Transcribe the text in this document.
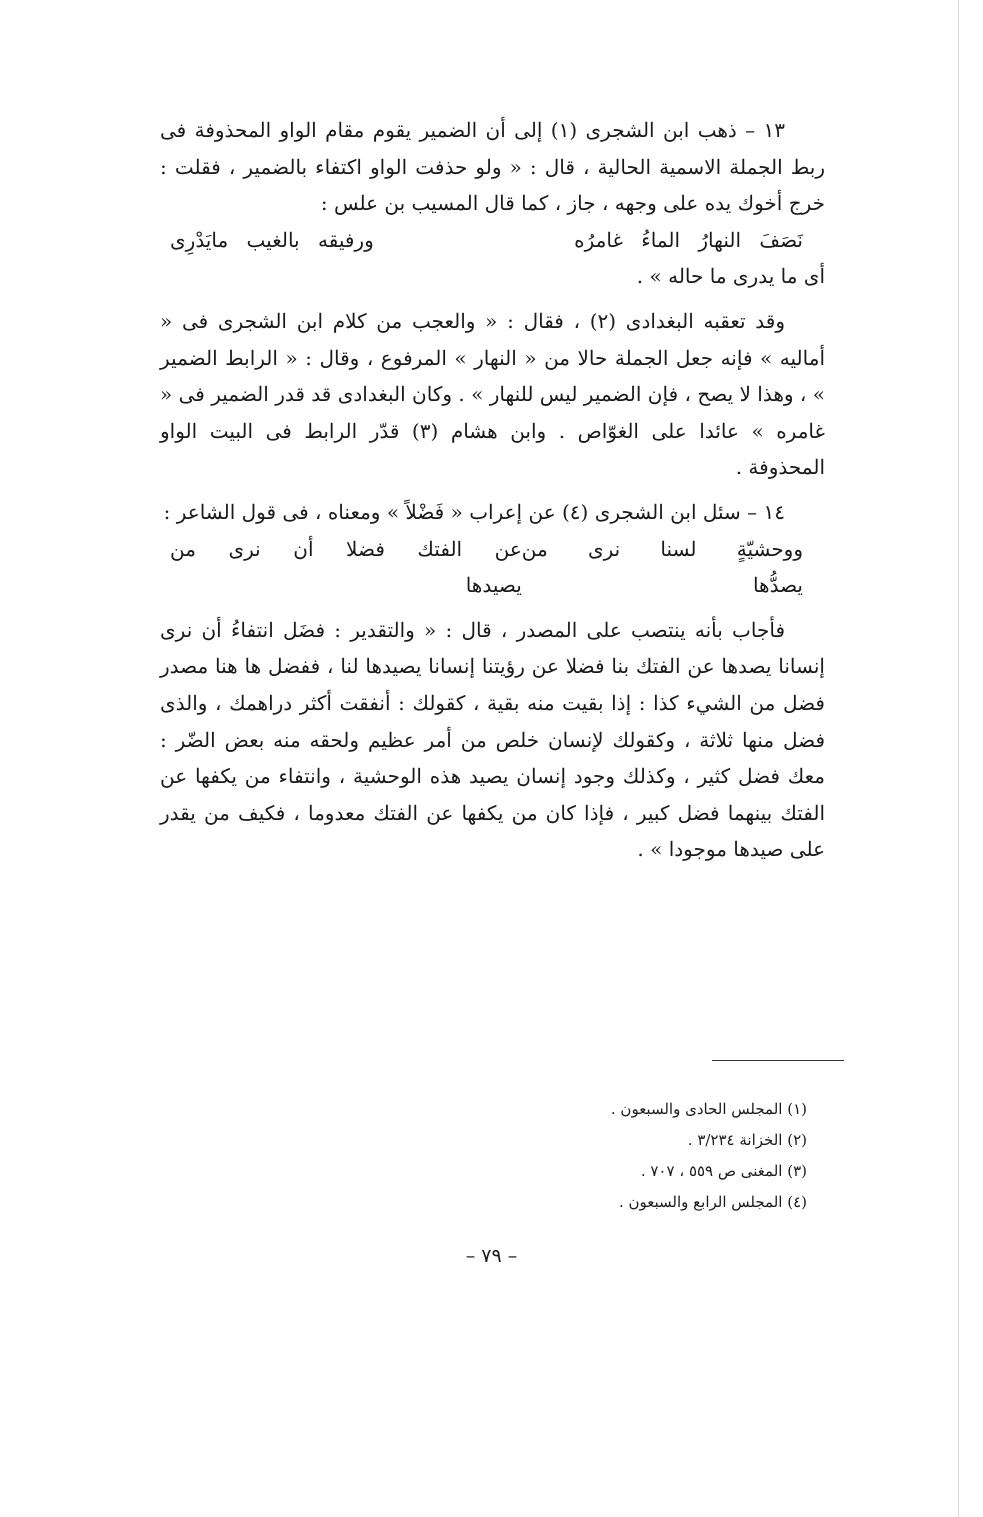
١٣ – ذهب ابن الشجرى (١) إلى أن الضمير يقوم مقام الواو المحذوفة فى ربط الجملة الاسمية الحالية ، قال : « ولو حذفت الواو اكتفاء بالضمير ، فقلت : خرج أخوك يده على وجهه ، جاز ، كما قال المسيب بن علس :

نَصَفَ النهارُ الماءُ غامرُه
ورفيقه بالغيب مايَدْرِى

أى ما يدرى ما حاله » .

وقد تعقبه البغدادى (٢) ، فقال : « والعجب من كلام ابن الشجرى فى « أماليه » فإنه جعل الجملة حالا من « النهار » المرفوع ، وقال : « الرابط الضمير » ، وهذا لا يصح ، فإن الضمير ليس للنهار » . وكان البغدادى قد قدر الضمير فى « غامره » عائدا على الغوّاص . وابن هشام (٣) قدّر الرابط فى البيت الواو المحذوفة .

١٤ – سئل ابن الشجرى (٤) عن إعراب « فَضْلاً » ومعناه ، فى قول الشاعر :

ووحشيّةٍ لسنا نرى من يصدُّها
عن الفتك فضلا أن نرى من يصيدها

فأجاب بأنه ينتصب على المصدر ، قال : « والتقدير : فضَل انتفاءُ أن نرى إنسانا يصدها عن الفتك بنا فضلا عن رؤيتنا إنسانا يصيدها لنا ، ففضل ها هنا مصدر فضل من الشيء كذا : إذا بقيت منه بقية ، كقولك : أنفقت أكثر دراهمك ، والذى فضل منها ثلاثة ، وكقولك لإنسان خلص من أمر عظيم ولحقه منه بعض الضّر : معك فضل كثير ، وكذلك وجود إنسان يصيد هذه الوحشية ، وانتفاء من يكفها عن الفتك بينهما فضل كبير ، فإذا كان من يكفها عن الفتك معدوما ، فكيف من يقدر على صيدها موجودا » .

(١) المجلس الحادى والسبعون .
(٢) الخزانة ٣/٢٣٤ .
(٣) المغنى ص ٥٥٩ ، ٧٠٧ .
(٤) المجلس الرابع والسبعون .
– ٧٩ –
